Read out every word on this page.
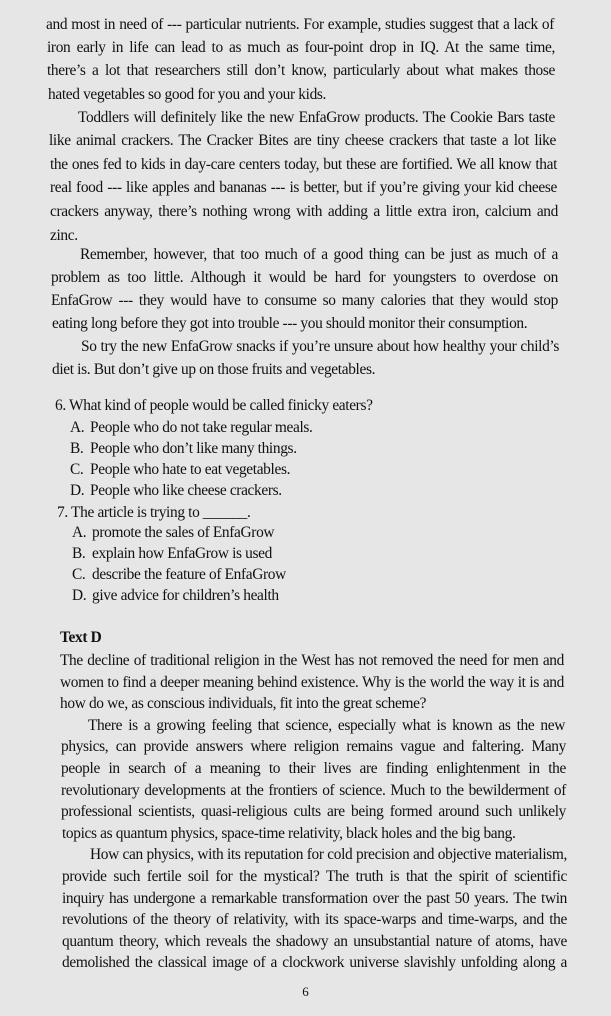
and most in need of --- particular nutrients. For example, studies suggest that a lack of
iron early in life can lead to as much as four-point drop in IQ. At the same time,
there’s a lot that researchers still don’t know, particularly about what makes those
hated vegetables so good for you and your kids.
Toddlers will definitely like the new EnfaGrow products. The Cookie Bars taste
like animal crackers. The Cracker Bites are tiny cheese crackers that taste a lot like
the ones fed to kids in day-care centers today, but these are fortified. We all know that
real food --- like apples and bananas --- is better, but if you’re giving your kid cheese
crackers anyway, there’s nothing wrong with adding a little extra iron, calcium and
zinc.
Remember, however, that too much of a good thing can be just as much of a
problem as too little. Although it would be hard for youngsters to overdose on
EnfaGrow --- they would have to consume so many calories that they would stop
eating long before they got into trouble --- you should monitor their consumption.
So try the new EnfaGrow snacks if you’re unsure about how healthy your child’s
diet is. But don’t give up on those fruits and vegetables.
6. What kind of people would be called finicky eaters?
A. People who do not take regular meals.
B. People who don’t like many things.
C. People who hate to eat vegetables.
D. People who like cheese crackers.
7. The article is trying to ______.
A. promote the sales of EnfaGrow
B. explain how EnfaGrow is used
C. describe the feature of EnfaGrow
D. give advice for children’s health
Text D
The decline of traditional religion in the West has not removed the need for men and
women to find a deeper meaning behind existence. Why is the world the way it is and
how do we, as conscious individuals, fit into the great scheme?
There is a growing feeling that science, especially what is known as the new
physics, can provide answers where religion remains vague and faltering. Many
people in search of a meaning to their lives are finding enlightenment in the
revolutionary developments at the frontiers of science. Much to the bewilderment of
professional scientists, quasi-religious cults are being formed around such unlikely
topics as quantum physics, space-time relativity, black holes and the big bang.
How can physics, with its reputation for cold precision and objective materialism,
provide such fertile soil for the mystical? The truth is that the spirit of scientific
inquiry has undergone a remarkable transformation over the past 50 years. The twin
revolutions of the theory of relativity, with its space-warps and time-warps, and the
quantum theory, which reveals the shadowy an unsubstantial nature of atoms, have
demolished the classical image of a clockwork universe slavishly unfolding along a
6
